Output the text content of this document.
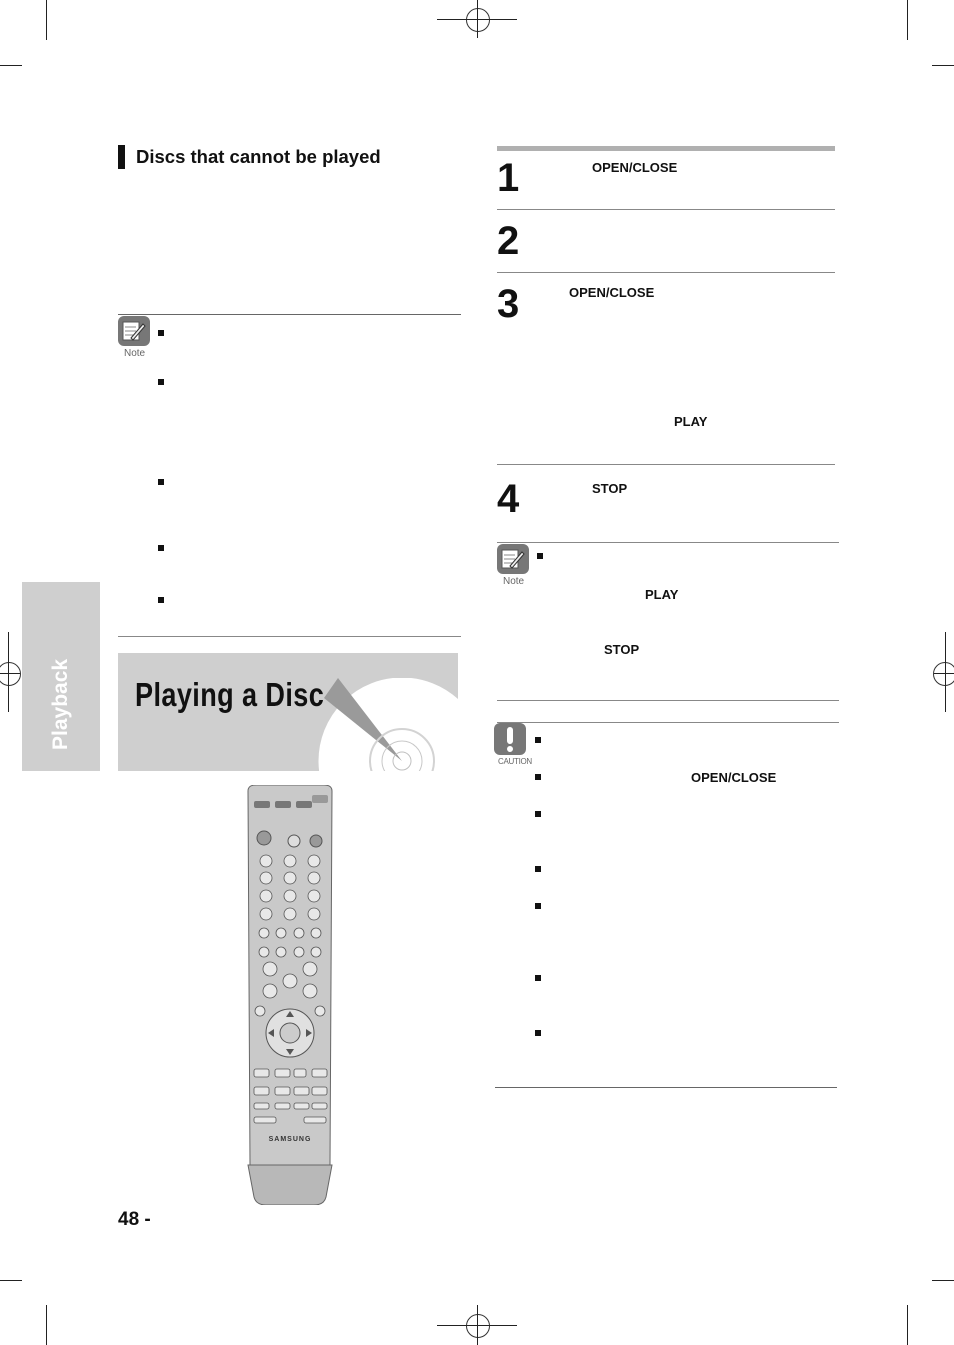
Discs that cannot be played
Note
Playback Playing a Disc
SAMSUNG
48 -
1	OPEN/CLOSE
2
3	OPEN/CLOSE
PLAY
4	STOP
Note
PLAY
STOP
CAUTION
OPEN/CLOSE
